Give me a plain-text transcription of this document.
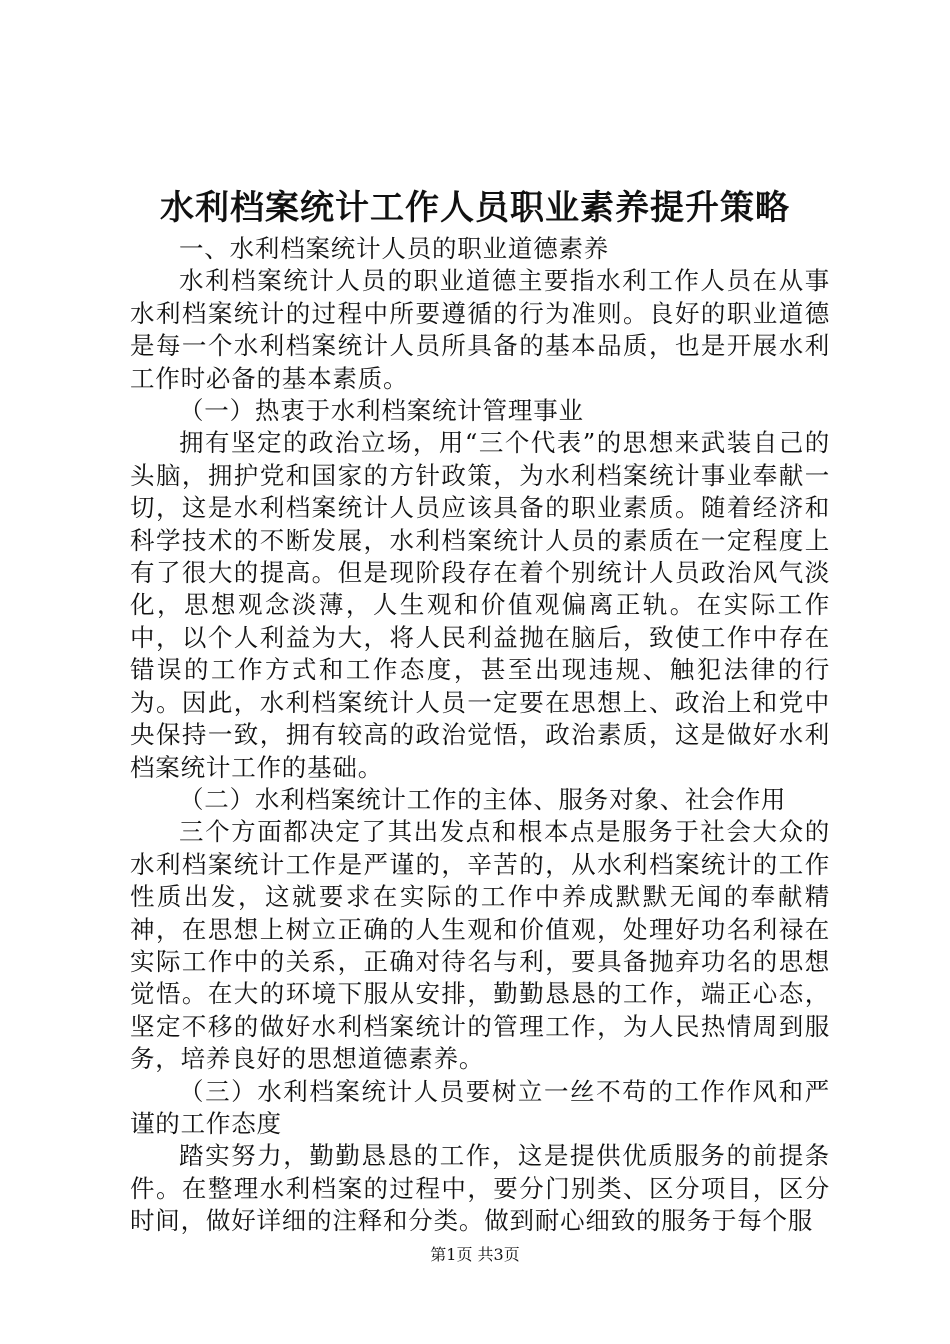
水利档案统计工作人员职业素养提升策略

一、水利档案统计人员的职业道德素养

水利档案统计人员的职业道德主要指水利工作人员在从事水利档案统计的过程中所要遵循的行为准则。良好的职业道德是每一个水利档案统计人员所具备的基本品质，也是开展水利工作时必备的基本素质。

（一）热衷于水利档案统计管理事业

拥有坚定的政治立场，用“三个代表”的思想来武装自己的头脑，拥护党和国家的方针政策，为水利档案统计事业奉献一切，这是水利档案统计人员应该具备的职业素质。随着经济和科学技术的不断发展，水利档案统计人员的素质在一定程度上有了很大的提高。但是现阶段存在着个别统计人员政治风气淡化，思想观念淡薄，人生观和价值观偏离正轨。在实际工作中，以个人利益为大，将人民利益抛在脑后，致使工作中存在错误的工作方式和工作态度，甚至出现违规、触犯法律的行为。因此，水利档案统计人员一定要在思想上、政治上和党中央保持一致，拥有较高的政治觉悟，政治素质，这是做好水利档案统计工作的基础。

（二）水利档案统计工作的主体、服务对象、社会作用

三个方面都决定了其出发点和根本点是服务于社会大众的水利档案统计工作是严谨的，辛苦的，从水利档案统计的工作性质出发，这就要求在实际的工作中养成默默无闻的奉献精神，在思想上树立正确的人生观和价值观，处理好功名利禄在实际工作中的关系，正确对待名与利，要具备抛弃功名的思想觉悟。在大的环境下服从安排，勤勤恳恳的工作，端正心态，坚定不移的做好水利档案统计的管理工作，为人民热情周到服务，培养良好的思想道德素养。

（三）水利档案统计人员要树立一丝不苟的工作作风和严谨的工作态度

踏实努力，勤勤恳恳的工作，这是提供优质服务的前提条件。在整理水利档案的过程中，要分门别类、区分项目，区分时间，做好详细的注释和分类。做到耐心细致的服务于每个服

第1页 共3页
